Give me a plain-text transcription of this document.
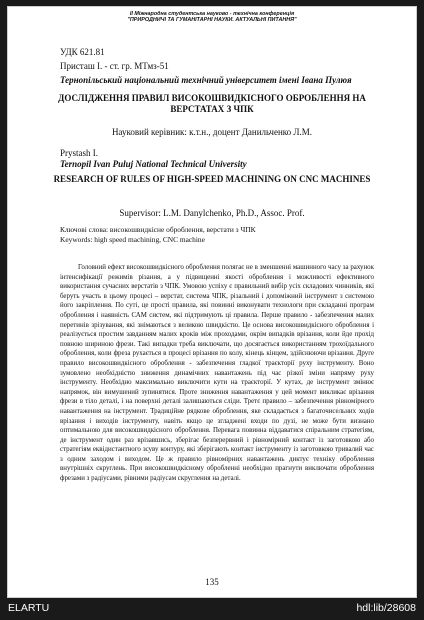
ІІ Міжнародна студентська науково - технічна конференція
"ПРИРОДНИЧІ ТА ГУМАНІТАРНІ НАУКИ. АКТУАЛЬНІ ПИТАННЯ"
УДК 621.81
Присташ І. - ст. гр. МТмз-51
Тернопільський національний технічний університет імені Івана Пулюя
ДОСЛІДЖЕННЯ ПРАВИЛ ВИСОКОШВИДКІСНОГО ОБРОБЛЕННЯ НА ВЕРСТАТАХ З ЧПК
Науковий керівник: к.т.н., доцент Данильченко Л.М.
Prystash I.
Ternopil Ivan Puluj National Technical University
RESEARCH OF RULES OF HIGH-SPEED MACHINING ON CNC MACHINES
Supervisor: L.M. Danylchenko, Ph.D., Assoc. Prof.
Ключові слова: високошвидкісне оброблення, верстати з ЧПК
Keywords: high speed machining, CNC machine

Головний ефект високошвидкісного оброблення полягає не в зменшенні машинного часу за рахунок інтенсифікації режимів різання, а у підвищенні якості оброблення і можливості ефективного використання сучасних верстатів з ЧПК. Умовою успіху є правильний вибір усіх складових чинників, які беруть участь в цьому процесі – верстат, система ЧПК, різальний і допоміжний інструмент з системою його закріплення. По суті, це прості правила, які повинні виконувати технологи при складанні програм оброблення і наявність САМ систем, які підтримують ці правила. Перше правило - забезпечення малих перетинів зрізування, які знімаються з великою швидкістю. Це основа високошвидкісного оброблення і реалізується простим завданням малих кроків між проходами, окрім випадків врізання, коли йде прохід повною шириною фрези. Такі випадки треба виключати, що досягається використанням трохоїдального оброблення, коли фреза рухається в процесі врізання по колу, кінець кінцем, здійснюючи врізання. Друге правило високошвидкісного оброблення - забезпечення гладкої траєкторії руху інструменту. Воно зумовлено необхідністю зниження динамічних навантажень під час різкої зміни напряму руху інструменту. Необхідно максимально виключити кути на траєкторії. У кутах, де інструмент змінює напрямок, він вимушений зупинятися. Проте зниження навантаження у цей момент викликає врізання фрези в тіло деталі, і на поверхні деталі залишаються сліди. Третє правило – забезпечення рівномірного навантаження на інструмент. Традиційне рядкове оброблення, яке складається з багаточисельних ходів врізання і виходів інструменту, навіть якщо це згладжені входи по дузі, не може бути визнано оптимальною для високошвидкісного оброблення. Перевага повинна віддаватися спіральним стратегіям, де інструмент один раз врізавшись, зберігає безперервний і рівномірний контакт із заготовкою або стратегіям еквідистантного зсуву контуру, які зберігають контакт інструменту із заготовкою тривалий час з одним заходом і виходом. Це ж правило рівномірних навантажень диктує техніку оброблення внутрішніх скруглень. При високошвидкісному обробленні необхідно прагнути виключати оброблення фрезами з радіусами, рівними радіусам скруглення на деталі.

135
ELARTU	hdl:lib/28608
